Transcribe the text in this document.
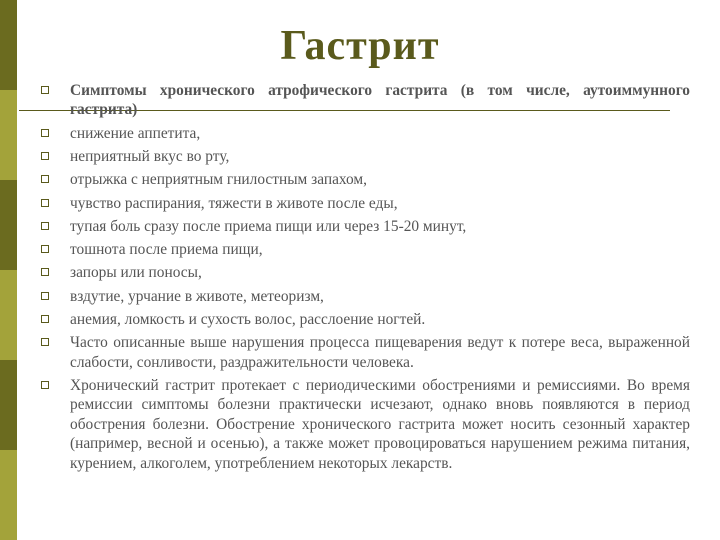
Гастрит
Симптомы хронического атрофического гастрита (в том числе, аутоиммунного гастрита)
снижение аппетита,
неприятный вкус во рту,
отрыжка с неприятным гнилостным запахом,
чувство распирания, тяжести в животе после еды,
тупая боль сразу после приема пищи или через 15-20 минут,
тошнота после приема пищи,
запоры или поносы,
вздутие, урчание в животе, метеоризм,
анемия, ломкость и сухость волос, расслоение ногтей.
Часто описанные выше нарушения процесса пищеварения ведут к потере веса, выраженной слабости, сонливости, раздражительности человека.
Хронический гастрит протекает с периодическими обострениями и ремиссиями. Во время ремиссии симптомы болезни практически исчезают, однако вновь появляются в период обострения болезни. Обострение хронического гастрита может носить сезонный характер (например, весной и осенью), а также может провоцироваться нарушением режима питания, курением, алкоголем, употреблением некоторых лекарств.
